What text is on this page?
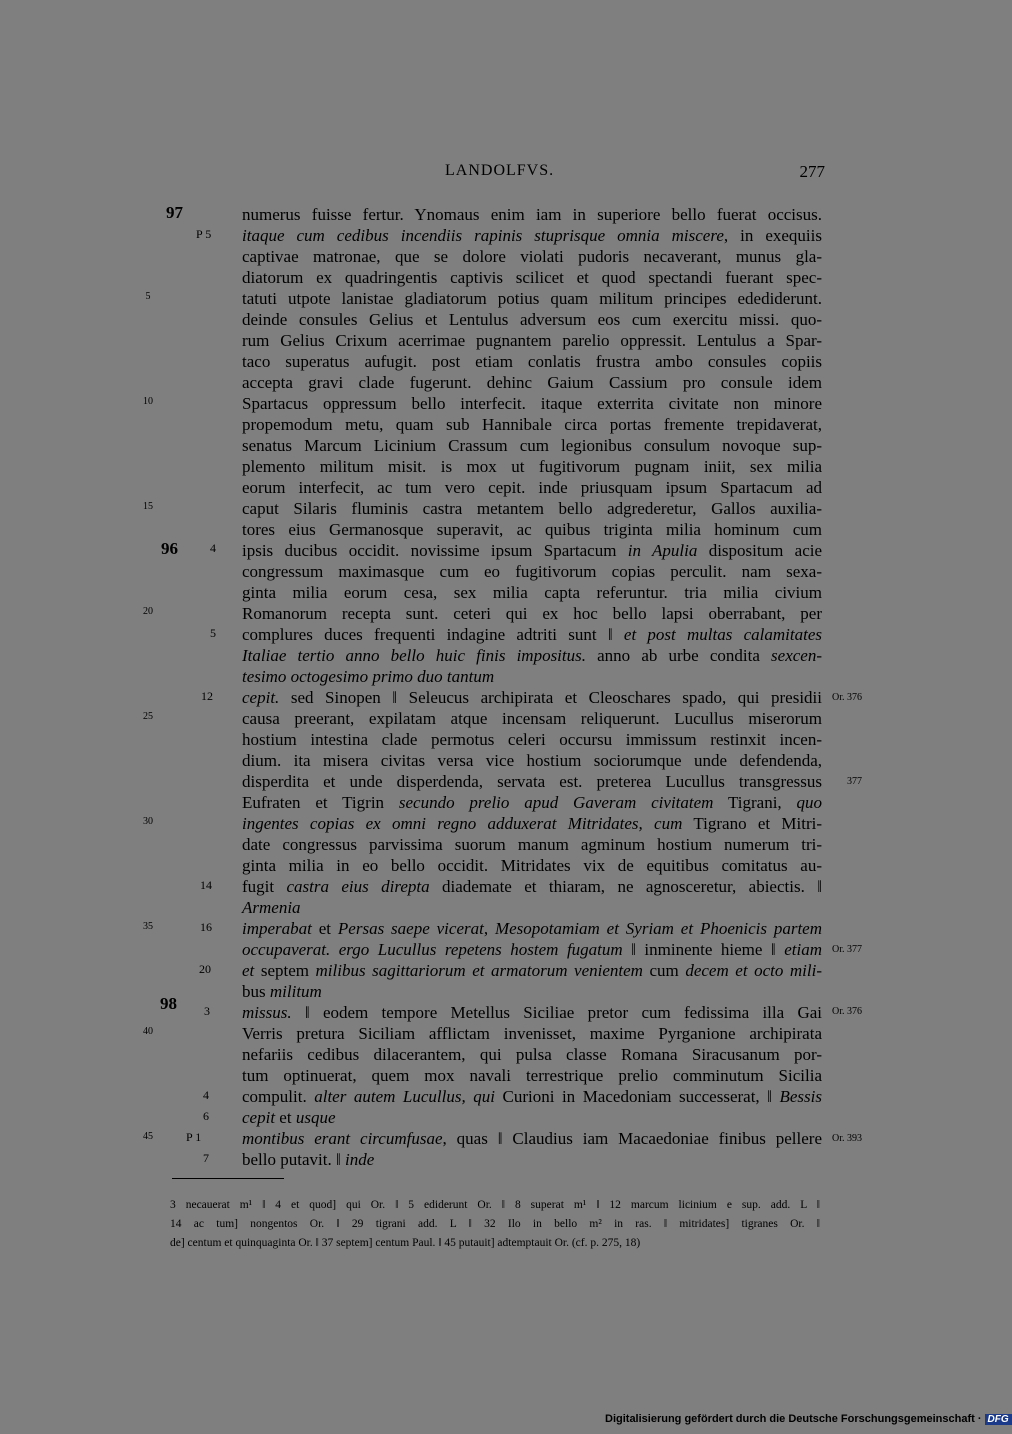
LANDOLFVS.	277
numerus fuisse fertur. Ynomaus enim iam in superiore bello fuerat occisus.
itaque cum cedibus incendiis rapinis stuprisque omnia miscere, in exequiis
captivae matronae, que se dolore violati pudoris necaverant, munus gla-
diatorum ex quadringentis captivis scilicet et quod spectandi fuerant spec-
tatuti utpote lanistae gladiatorum potius quam militum principes edediderunt.
deinde consules Gelius et Lentulus adversum eos cum exercitu missi. quo-
rum Gelius Crixum acerrimae pugnantem parelio oppressit. Lentulus a Spar-
taco superatus aufugit. post etiam conlatis frustra ambo consules copiis
accepta gravi clade fugerunt. dehinc Gaium Cassium pro consule idem
Spartacus oppressum bello interfecit. itaque exterrita civitate non minore
propemodum metu, quam sub Hannibale circa portas fremente trepidaverat,
senatus Marcum Licinium Crassum cum legionibus consulum novoque sup-
plemento militum misit. is mox ut fugitivorum pugnam iniit, sex milia
eorum interfecit, ac tum vero cepit. inde priusquam ipsum Spartacum ad
caput Silaris fluminis castra metantem bello adgrederetur, Gallos auxilia-
tores eius Germanosque superavit, ac quibus triginta milia hominum cum
ipsis ducibus occidit. novissime ipsum Spartacum in Apulia dispositum acie
congressum maximasque cum eo fugitivorum copias perculit. nam sexa-
ginta milia eorum cesa, sex milia capta referuntur. tria milia civium
Romanorum recepta sunt. ceteri qui ex hoc bello lapsi oberrabant, per
complures duces frequenti indagine adtriti sunt ‖ et post multas calamitates
Italiae tertio anno bello huic finis impositus. anno ab urbe condita sexcen-
tesimo octogesimo primo duo tantum
cepit. sed Sinopen ‖ Seleucus archipirata et Cleoschares spado, qui presidii
causa preerant, expilatam atque incensam reliquerunt. Lucullus miserorum
hostium intestina clade permotus celeri occursu immissum restinxit incen-
dium. ita misera civitas versa vice hostium sociorumque unde defendenda,
disperdita et unde disperdenda, servata est. preterea Lucullus transgressus
Eufraten et Tigrin secundo prelio apud Gaveram civitatem Tigrani, quo
ingentes copias ex omni regno adduxerat Mitridates, cum Tigrano et Mitri-
date congressus parvissima suorum manum agminum hostium numerum tri-
ginta milia in eo bello occidit. Mitridates vix de equitibus comitatus au-
fugit castra eius direpta diademate et thiaram, ne agnosceretur, abiectis. ‖
Armenia
imperabat et Persas saepe vicerat, Mesopotamiam et Syriam et Phoenicis partem
occupaverat. ergo Lucullus repetens hostem fugatum ‖ inminente hieme ‖ etiam
et septem milibus sagittariorum et armatorum venientem cum decem et octo mili-
bus militum
missus. ‖ eodem tempore Metellus Siciliae pretor cum fedissima illa Gai
Verris pretura Siciliam afflictam invenisset, maxime Pyrganione archipirata
nefariis cedibus dilacerantem, qui pulsa classe Romana Siracusanum por-
tum optinuerat, quem mox navali terrestrique prelio comminutum Sicilia
compulit. alter autem Lucullus, qui Curioni in Macedoniam successerat, ‖ Bessis
cepit et usque
montibus erant circumfusae, quas ‖ Claudius iam Macaedoniae finibus pellere
bello putavit. ‖ inde
5
10
15
20
25
30
35
40
45
97
96
98
P 5
4
5
12
14
16
20
3
4
6
P 1
7
Or. 376
377
Or. 377
Or. 376
Or. 393
3 necauerat m¹ ‖ 4 et quod] qui Or. ‖ 5 ediderunt Or. ‖ 8 superat m¹ ‖ 12 marcum licinium e sup. add. L ‖
14 ac tum] nongentos Or. ‖ 29 tigrani add. L ‖ 32 Ilo in bello m² in ras. ‖ mitridates] tigranes Or. ‖
de] centum et quinquaginta Or. ‖ 37 septem] centum Paul. ‖ 45 putauit] adtemptauit Or. (cf. p. 275, 18)
Digitalisierung gefördert durch die Deutsche Forschungsgemeinschaft · DFG
